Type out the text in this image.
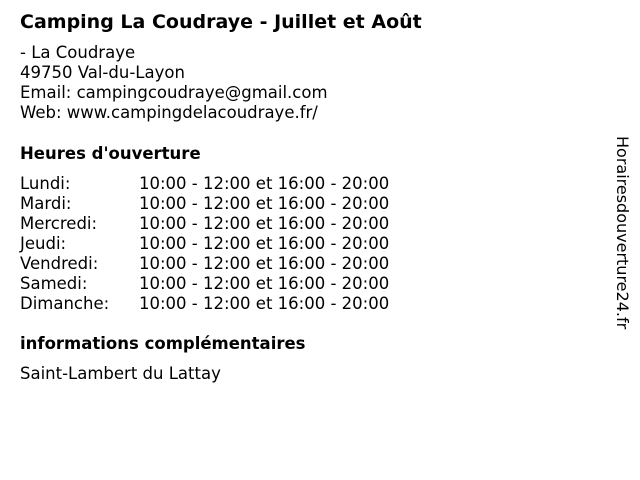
Camping La Coudraye - Juillet et Août
- La Coudraye
49750 Val-du-Layon
Email: campingcoudraye@gmail.com
Web: www.campingdelacoudraye.fr/
Heures d'ouverture
Lundi:	10:00 - 12:00 et 16:00 - 20:00
Mardi:	10:00 - 12:00 et 16:00 - 20:00
Mercredi:	10:00 - 12:00 et 16:00 - 20:00
Jeudi:	10:00 - 12:00 et 16:00 - 20:00
Vendredi:	10:00 - 12:00 et 16:00 - 20:00
Samedi:	10:00 - 12:00 et 16:00 - 20:00
Dimanche:	10:00 - 12:00 et 16:00 - 20:00
informations complémentaires
Saint-Lambert du Lattay
Horairesdouverture24.fr
